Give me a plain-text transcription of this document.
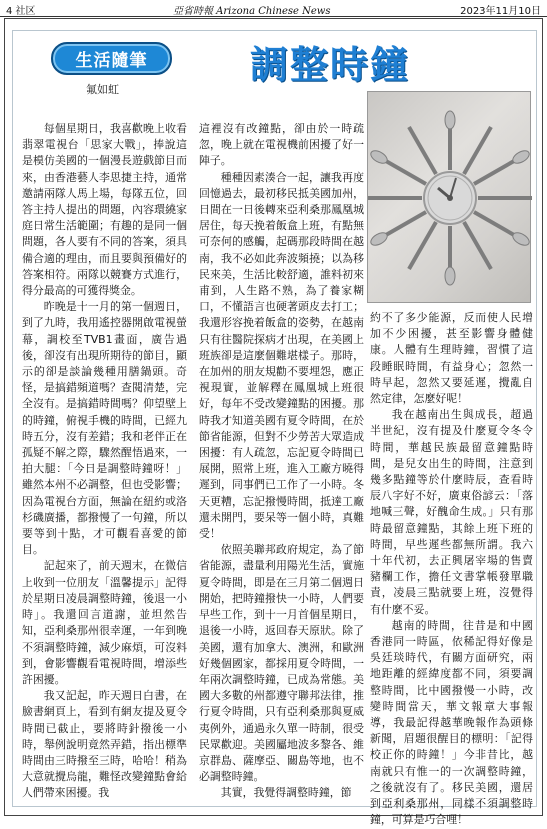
4 社区	亞省時報 Arizona Chinese News	2023年11月10日
生活隨筆
氟如虹
調整時鐘

每個星期日，我喜歡晚上收看翡翠電視台「思家大戰」，捧說這是模仿美國的一個漫長遊戲節目而來，由香港藝人李思捷主持，通常邀請兩隊人馬上場，每隊五位，回答主持人提出的問題，內容環繞家庭日常生活範圍；有趣的是同一個問題，各人要有不同的答案，須具備合適的理由，而且要與預備好的答案相符。兩隊以競賽方式進行，得分最高的可獲得獎金。

昨晚是十一月的第一個週日，到了九時，我用遙控器開啟電視螢幕，調校至TVB1畫面，廣告過後，卻沒有出現所期待的節目，顯示的卻是談論幾種用膳鍋頭。奇怪，是搞錯頻道嗎？查閱清楚，完全沒有。是搞錯時間嗎？仰望壁上的時鐘，俯視手機的時間，已經九時五分，沒有差錯；我和老伴正在孤疑不解之際，驟然醒悟過來，一拍大腿：「今日是調整時鐘呀！」雖然本州不必調整，但也受影響；因為電視台方面，無論在紐約或洛杉磯廣播，都撥慢了一句鐘，所以要等到十點，才可觀看喜愛的節目。

記起來了，前天週末，在微信上收到一位朋友「溫馨提示」記得於星期日凌晨調整時鐘，後退一小時」。我還回言道謝，並坦然告知，亞利桑那州很幸運，一年到晚不須調整時鐘，減少麻煩，可沒料到，會影響觀看電視時間，增添些許困擾。

我又記起，昨天週日白書，在臉書網頁上，看到有網友提及夏令時間已截止，要將時針撥後一小時，舉例說明竟然弄錯，指出標準時間由三時撥至三時，哈哈！稍為大意就攪烏龍，難怪改變鐘點會給人們帶來困擾。我

這裡沒有改鐘點，卻由於一時疏忽，晚上就在電視機前困擾了好一陣子。

種種因素湊合一起，讓我再度回憶過去，最初移民抵美國加州，日間在一日後轉來亞利桑那鳳凰城居住，每天挽着飯盒上班，有點無可奈何的感觸，起碼那段時間在越南，我不必如此奔波頻撓；以為移民來美，生活比較舒適，誰料初來甫到，人生路不熟，為了養家糊口，不懂語言也硬著頭皮去打工；我還形容挽着飯盒的姿勢，在越南只有往醫院探病才出現，在美國上班族卻是這麼個難堪樣子。那時，在加州的朋友規勸不要埋怨，應正視現實，並解釋在鳳凰城上班很好，每年不受改變鐘點的困擾。那時我才知道美國有夏令時間，在於節省能源，但對不少勞苦大眾造成困擾：有人疏忽，忘記夏令時間已展開，照常上班，進入工廠方曉得遲到，同事們已工作了一小時。冬天更糟，忘記撥慢時間，抵達工廠還未開門，要呆等一個小時，真難受！

依照美聯邦政府規定，為了節省能源，盡量利用陽光生活，實施夏令時間，即是在三月第二個週日開始，把時鐘撥快一小時，人們要早些工作，到十一月首個星期日，退後一小時，返回春天原狀。除了美國，還有加拿大、澳洲，和歐洲好幾個國家，都採用夏令時間，一年兩次調整時鐘，已成為常態。美國大多數的州都遵守聯邦法律，推行夏令時間，只有亞利桑那與夏威夷例外，通過永久單一時制，很受民眾歡迎。美國屬地波多黎各、維京群島、薩摩亞、關島等地，也不必調整時鐘。

其實，我覺得調整時鐘，節

約不了多少能源，反而使人民增加不少困擾，甚至影響身體健康。人體有生理時鐘，習慣了這段睡眠時間，有益身心；忽然一時早起，忽然又要延遲，攪亂自然定律，怎麼好呢！

我在越南出生與成長，超過半世紀，沒有提及什麼夏令冬令時間，華越民族最留意鐘點時間，是兒女出生的時間，注意到幾多點鐘等於什麼時辰，查看時辰八字好不好，廣東俗諺云：「落地喊三聲，好醜命生成。」只有那時最留意鐘點，其餘上班下班的時間，早些遲些都無所謂。我六十年代初，去正興屠宰場的售賣豬欄工作，擔任文書掌帳發單職責，凌晨三點就要上班，沒覺得有什麼不妥。

越南的時間，往昔是和中國香港同一時區，依稀記得好像是吳廷琰時代，有關方面研究，兩地距離的經緯度都不同，須要調整時間，比中國撥慢一小時，改變時間當天，華文報章大事報導，我最記得越華晚報作為頭條新聞，眉題很醒目的標明：「記得校正你的時鐘！」今非昔比，越南就只有惟一的一次調整時鐘，之後就沒有了。移民美國，還居到亞利桑那州，同樣不須調整時鐘，可算是巧合哩！
